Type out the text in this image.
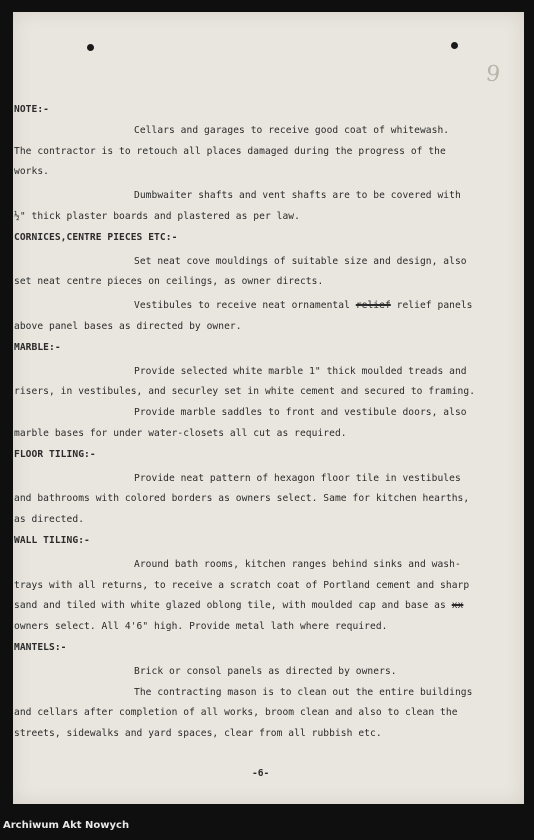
9
NOTE:-
Cellars and garages to receive good coat of whitewash.
The contractor is to retouch all places damaged during the progress of the
works.
Dumbwaiter shafts and vent shafts are to be covered with
½" thick plaster boards and plastered as per law.
CORNICES,CENTRE PIECES ETC:-
Set neat cove mouldings of suitable size and design, also
set neat centre pieces on ceilings, as owner directs.
Vestibules to receive neat ornamental relief relief panels
above panel bases as directed by owner.
MARBLE:-
Provide selected white marble 1" thick moulded treads and
risers, in vestibules, and securley set in white cement and secured to framing.
Provide marble saddles to front and vestibule doors, also
marble bases for under water-closets all cut as required.
FLOOR TILING:-
Provide neat pattern of hexagon floor tile in vestibules
and bathrooms with colored borders as owners select. Same for kitchen hearths,
as directed.
WALL TILING:-
Around bath rooms, kitchen ranges behind sinks and wash-
trays with all returns, to receive a scratch coat of Portland cement and sharp
sand and tiled with white glazed oblong tile, with moulded cap and base as xx
owners select. All 4'6" high. Provide metal lath where required.
MANTELS:-
Brick or consol panels as directed by owners.
The contracting mason is to clean out the entire buildings
and cellars after completion of all works, broom clean and also to clean the
streets, sidewalks and yard spaces, clear from all rubbish etc.
-6-
Archiwum Akt Nowych
